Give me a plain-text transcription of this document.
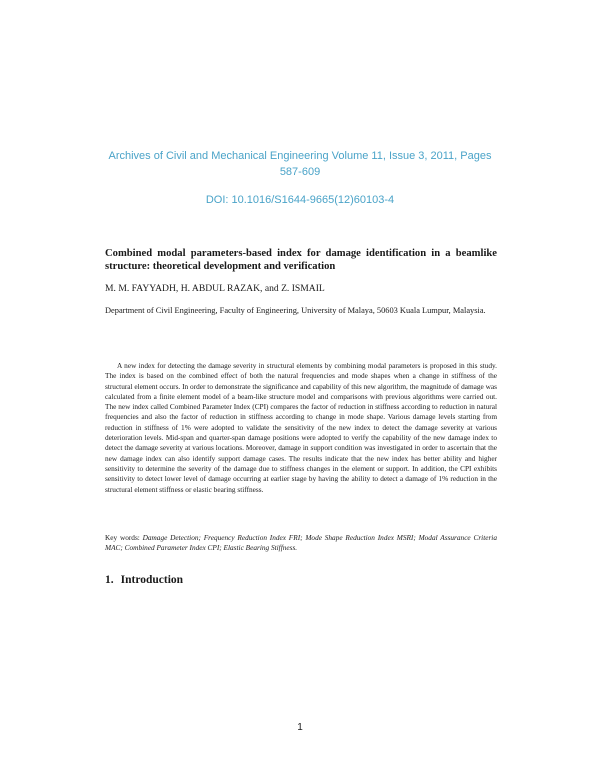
Archives of Civil and Mechanical Engineering Volume 11, Issue 3, 2011, Pages 587-609
DOI: 10.1016/S1644-9665(12)60103-4
Combined modal parameters-based index for damage identification in a beamlike structure: theoretical development and verification
M. M. FAYYADH, H. ABDUL RAZAK, and Z. ISMAIL
Department of Civil Engineering, Faculty of Engineering, University of Malaya, 50603 Kuala Lumpur, Malaysia.
A new index for detecting the damage severity in structural elements by combining modal parameters is proposed in this study. The index is based on the combined effect of both the natural frequencies and mode shapes when a change in stiffness of the structural element occurs. In order to demonstrate the significance and capability of this new algorithm, the magnitude of damage was calculated from a finite element model of a beam-like structure model and comparisons with previous algorithms were carried out. The new index called Combined Parameter Index (CPI) compares the factor of reduction in stiffness according to reduction in natural frequencies and also the factor of reduction in stiffness according to change in mode shape. Various damage levels starting from reduction in stiffness of 1% were adopted to validate the sensitivity of the new index to detect the damage severity at various deterioration levels. Mid-span and quarter-span damage positions were adopted to verify the capability of the new damage index to detect the damage severity at various locations. Moreover, damage in support condition was investigated in order to ascertain that the new damage index can also identify support damage cases. The results indicate that the new index has better ability and higher sensitivity to determine the severity of the damage due to stiffness changes in the element or support. In addition, the CPI exhibits sensitivity to detect lower level of damage occurring at earlier stage by having the ability to detect a damage of 1% reduction in the structural element stiffness or elastic bearing stiffness.
Key words: Damage Detection; Frequency Reduction Index FRI; Mode Shape Reduction Index MSRI; Modal Assurance Criteria MAC; Combined Parameter Index CPI; Elastic Bearing Stiffness.
1. Introduction
1
